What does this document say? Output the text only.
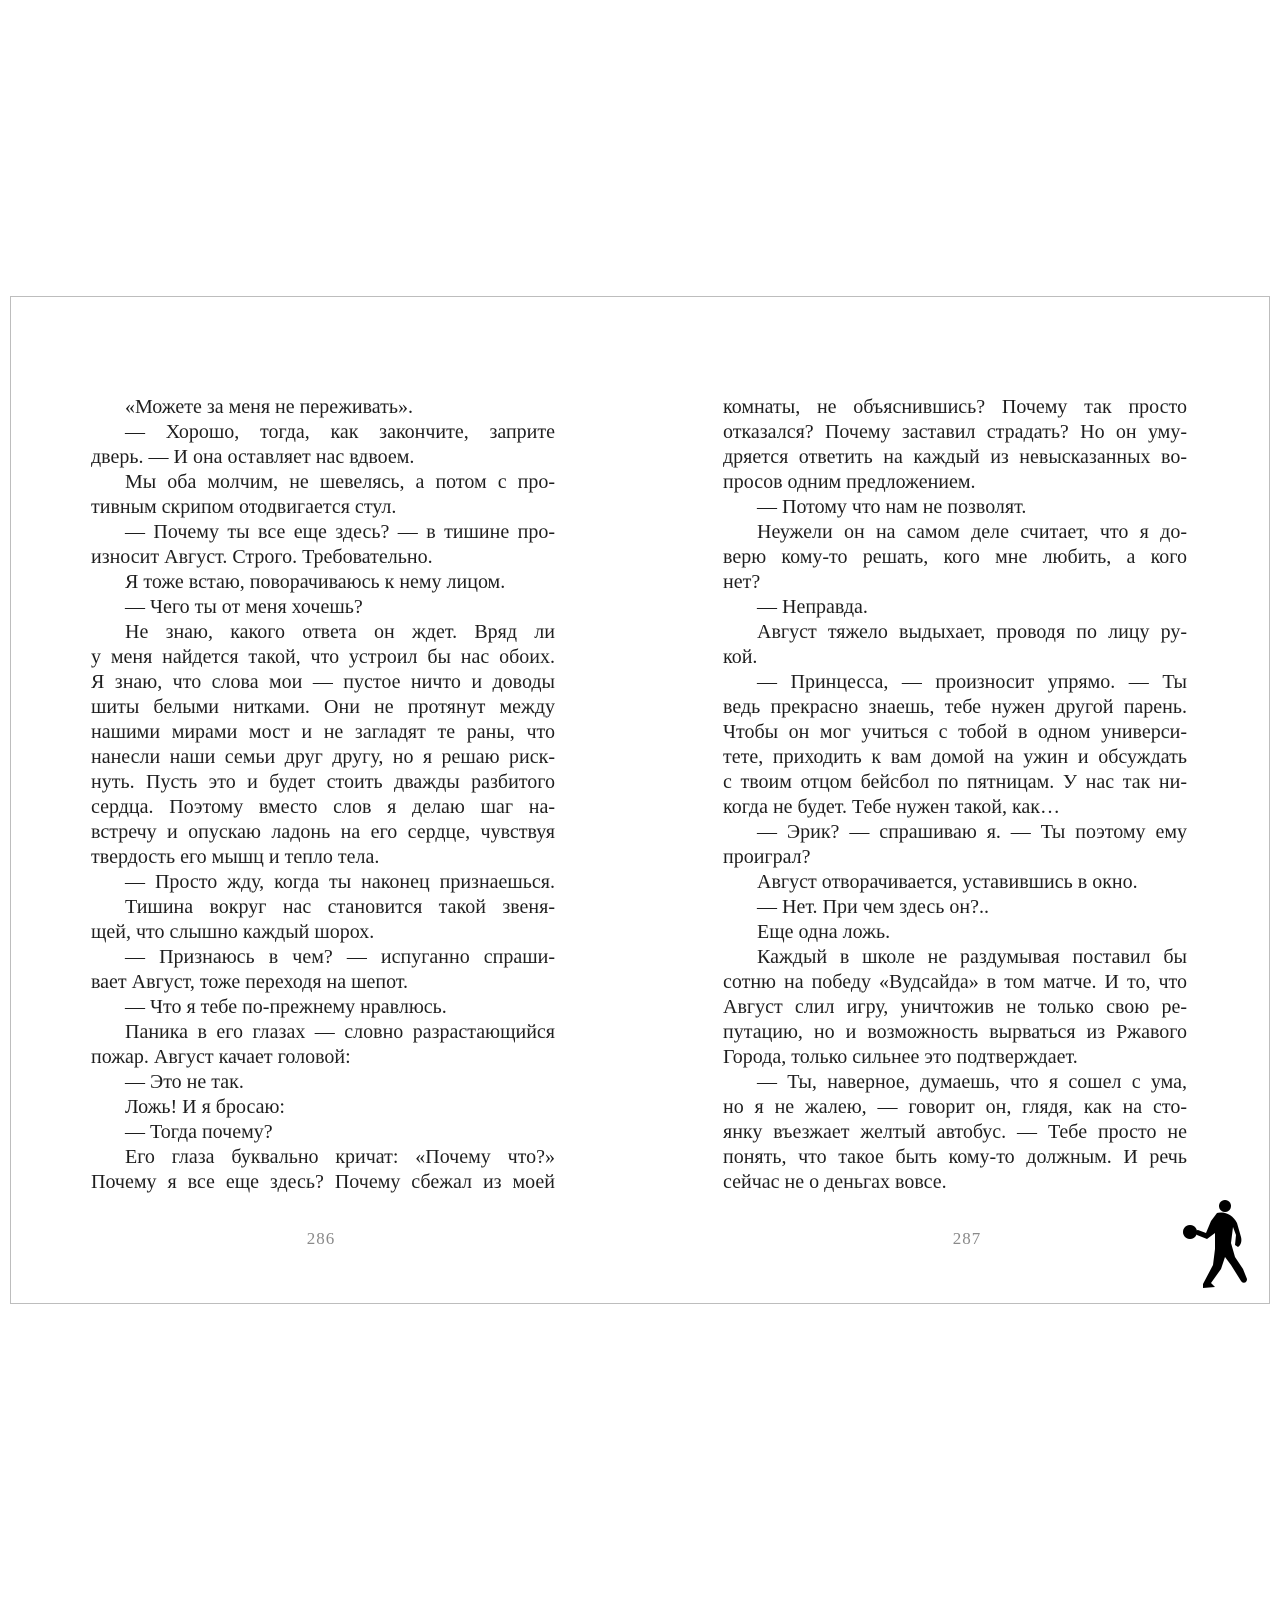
«Можете за меня не переживать».
— Хорошо, тогда, как закончите, заприте
дверь. — И она оставляет нас вдвоем.
Мы оба молчим, не шевелясь, а потом с про-
тивным скрипом отодвигается стул.
— Почему ты все еще здесь? — в тишине про-
износит Август. Строго. Требовательно.
Я тоже встаю, поворачиваюсь к нему лицом.
— Чего ты от меня хочешь?
Не знаю, какого ответа он ждет. Вряд ли
у меня найдется такой, что устроил бы нас обоих.
Я знаю, что слова мои — пустое ничто и доводы
шиты белыми нитками. Они не протянут между
нашими мирами мост и не загладят те раны, что
нанесли наши семьи друг другу, но я решаю риск-
нуть. Пусть это и будет стоить дважды разбитого
сердца. Поэтому вместо слов я делаю шаг на-
встречу и опускаю ладонь на его сердце, чувствуя
твердость его мышц и тепло тела.
— Просто жду, когда ты наконец признаешься.
Тишина вокруг нас становится такой звеня-
щей, что слышно каждый шорох.
— Признаюсь в чем? — испуганно спраши-
вает Август, тоже переходя на шепот.
— Что я тебе по-прежнему нравлюсь.
Паника в его глазах — словно разрастающийся
пожар. Август качает головой:
— Это не так.
Ложь! И я бросаю:
— Тогда почему?
Его глаза буквально кричат: «Почему что?»
Почему я все еще здесь? Почему сбежал из моей
комнаты, не объяснившись? Почему так просто
отказался? Почему заставил страдать? Но он уму-
дряется ответить на каждый из невысказанных во-
просов одним предложением.
— Потому что нам не позволят.
Неужели он на самом деле считает, что я до-
верю кому-то решать, кого мне любить, а кого
нет?
— Неправда.
Август тяжело выдыхает, проводя по лицу ру-
кой.
— Принцесса, — произносит упрямо. — Ты
ведь прекрасно знаешь, тебе нужен другой парень.
Чтобы он мог учиться с тобой в одном универси-
тете, приходить к вам домой на ужин и обсуждать
с твоим отцом бейсбол по пятницам. У нас так ни-
когда не будет. Тебе нужен такой, как…
— Эрик? — спрашиваю я. — Ты поэтому ему
проиграл?
Август отворачивается, уставившись в окно.
— Нет. При чем здесь он?..
Еще одна ложь.
Каждый в школе не раздумывая поставил бы
сотню на победу «Вудсайда» в том матче. И то, что
Август слил игру, уничтожив не только свою ре-
путацию, но и возможность вырваться из Ржавого
Города, только сильнее это подтверждает.
— Ты, наверное, думаешь, что я сошел с ума,
но я не жалею, — говорит он, глядя, как на сто-
янку въезжает желтый автобус. — Тебе просто не
понять, что такое быть кому-то должным. И речь
сейчас не о деньгах вовсе.
286	287
